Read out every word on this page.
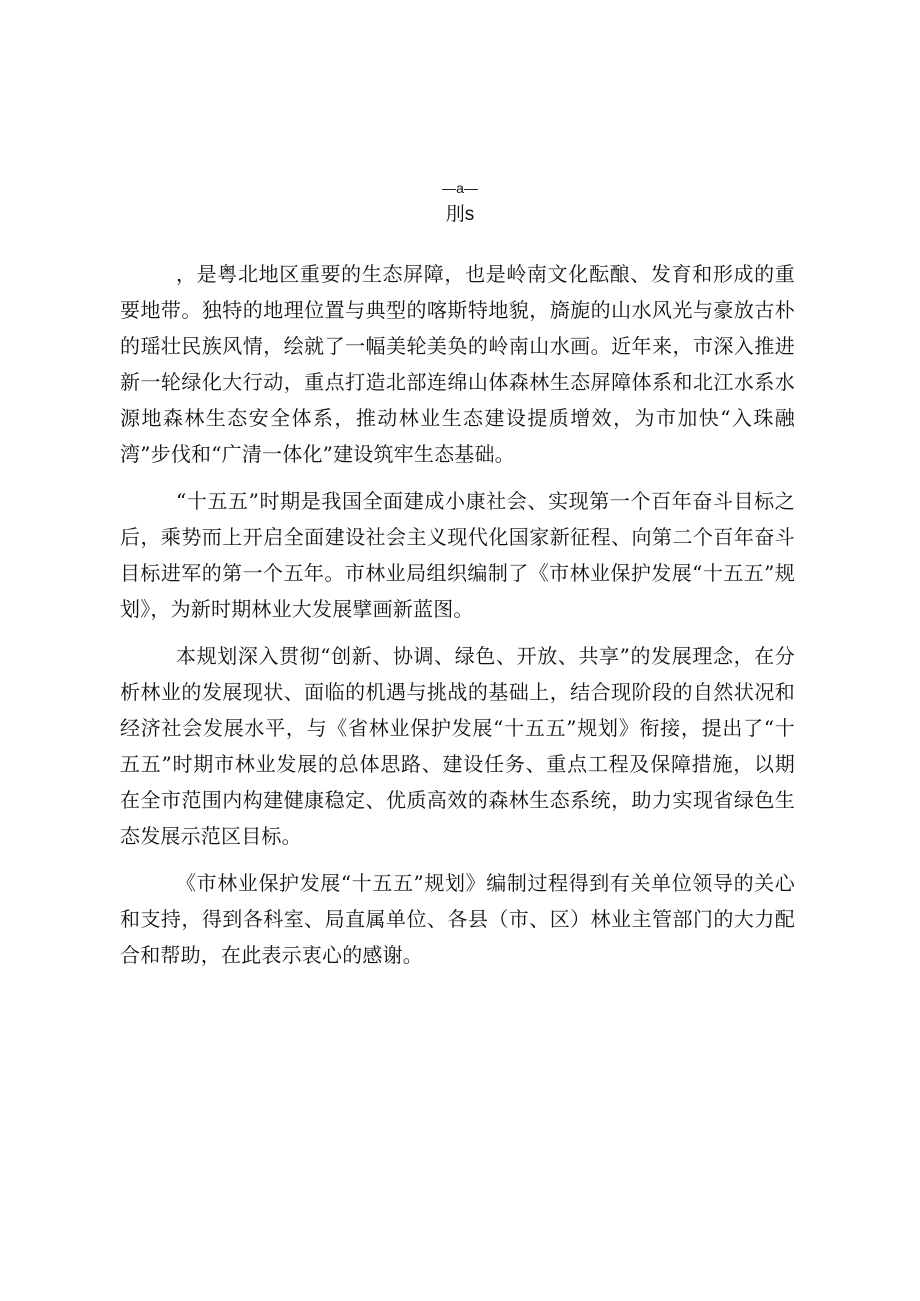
—a—
刖s

，是粤北地区重要的生态屏障，也是岭南文化酝酿、发育和形成的重要地带。独特的地理位置与典型的喀斯特地貌，旖旎的山水风光与豪放古朴的瑶壮民族风情，绘就了一幅美轮美奂的岭南山水画。近年来，市深入推进新一轮绿化大行动，重点打造北部连绵山体森林生态屏障体系和北江水系水源地森林生态安全体系，推动林业生态建设提质增效，为市加快“入珠融湾”步伐和“广清一体化”建设筑牢生态基础。

“十五五”时期是我国全面建成小康社会、实现第一个百年奋斗目标之后，乘势而上开启全面建设社会主义现代化国家新征程、向第二个百年奋斗目标进军的第一个五年。市林业局组织编制了《市林业保护发展“十五五”规划》，为新时期林业大发展擘画新蓝图。

本规划深入贯彻“创新、协调、绿色、开放、共享”的发展理念，在分析林业的发展现状、面临的机遇与挑战的基础上，结合现阶段的自然状况和经济社会发展水平，与《省林业保护发展“十五五”规划》衔接，提出了“十五五”时期市林业发展的总体思路、建设任务、重点工程及保障措施，以期在全市范围内构建健康稳定、优质高效的森林生态系统，助力实现省绿色生态发展示范区目标。

《市林业保护发展“十五五”规划》编制过程得到有关单位领导的关心和支持，得到各科室、局直属单位、各县（市、区）林业主管部门的大力配合和帮助，在此表示衷心的感谢。
